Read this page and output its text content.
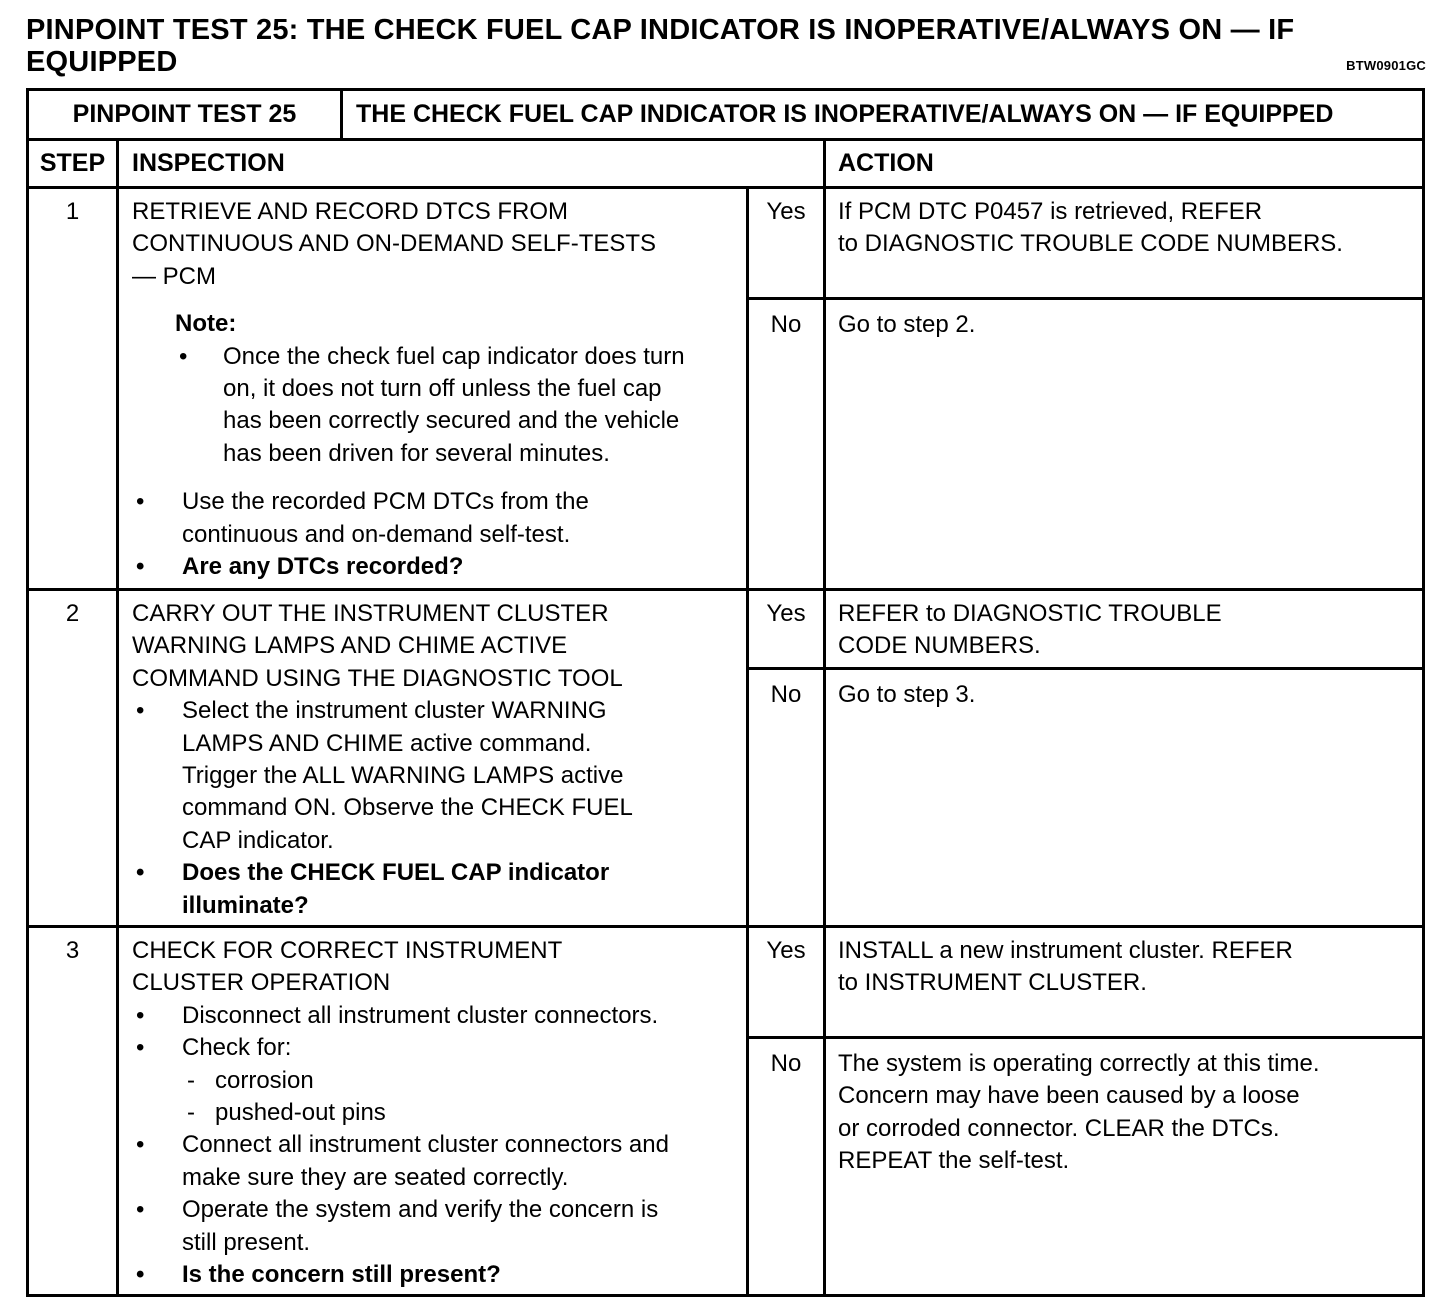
PINPOINT TEST 25: THE CHECK FUEL CAP INDICATOR IS INOPERATIVE/ALWAYS ON — IF
EQUIPPED	BTW0901GC
PINPOINT TEST 25	THE CHECK FUEL CAP INDICATOR IS INOPERATIVE/ALWAYS ON — IF EQUIPPED
STEP	INSPECTION	ACTION
1	RETRIEVE AND RECORD DTCS FROM
CONTINUOUS AND ON-DEMAND SELF-TESTS
— PCM
Note:
• Once the check fuel cap indicator does turn
on, it does not turn off unless the fuel cap
has been correctly secured and the vehicle
has been driven for several minutes.
• Use the recorded PCM DTCs from the
continuous and on-demand self-test.
• Are any DTCs recorded?
Yes	If PCM DTC P0457 is retrieved, REFER
to DIAGNOSTIC TROUBLE CODE NUMBERS.
No	Go to step 2.
2	CARRY OUT THE INSTRUMENT CLUSTER
WARNING LAMPS AND CHIME ACTIVE
COMMAND USING THE DIAGNOSTIC TOOL
• Select the instrument cluster WARNING
LAMPS AND CHIME active command.
Trigger the ALL WARNING LAMPS active
command ON. Observe the CHECK FUEL
CAP indicator.
• Does the CHECK FUEL CAP indicator
illuminate?
Yes	REFER to DIAGNOSTIC TROUBLE
CODE NUMBERS.
No	Go to step 3.
3	CHECK FOR CORRECT INSTRUMENT
CLUSTER OPERATION
• Disconnect all instrument cluster connectors.
• Check for:
- corrosion
- pushed-out pins
• Connect all instrument cluster connectors and
make sure they are seated correctly.
• Operate the system and verify the concern is
still present.
• Is the concern still present?
Yes	INSTALL a new instrument cluster. REFER
to INSTRUMENT CLUSTER.
No	The system is operating correctly at this time.
Concern may have been caused by a loose
or corroded connector. CLEAR the DTCs.
REPEAT the self-test.
